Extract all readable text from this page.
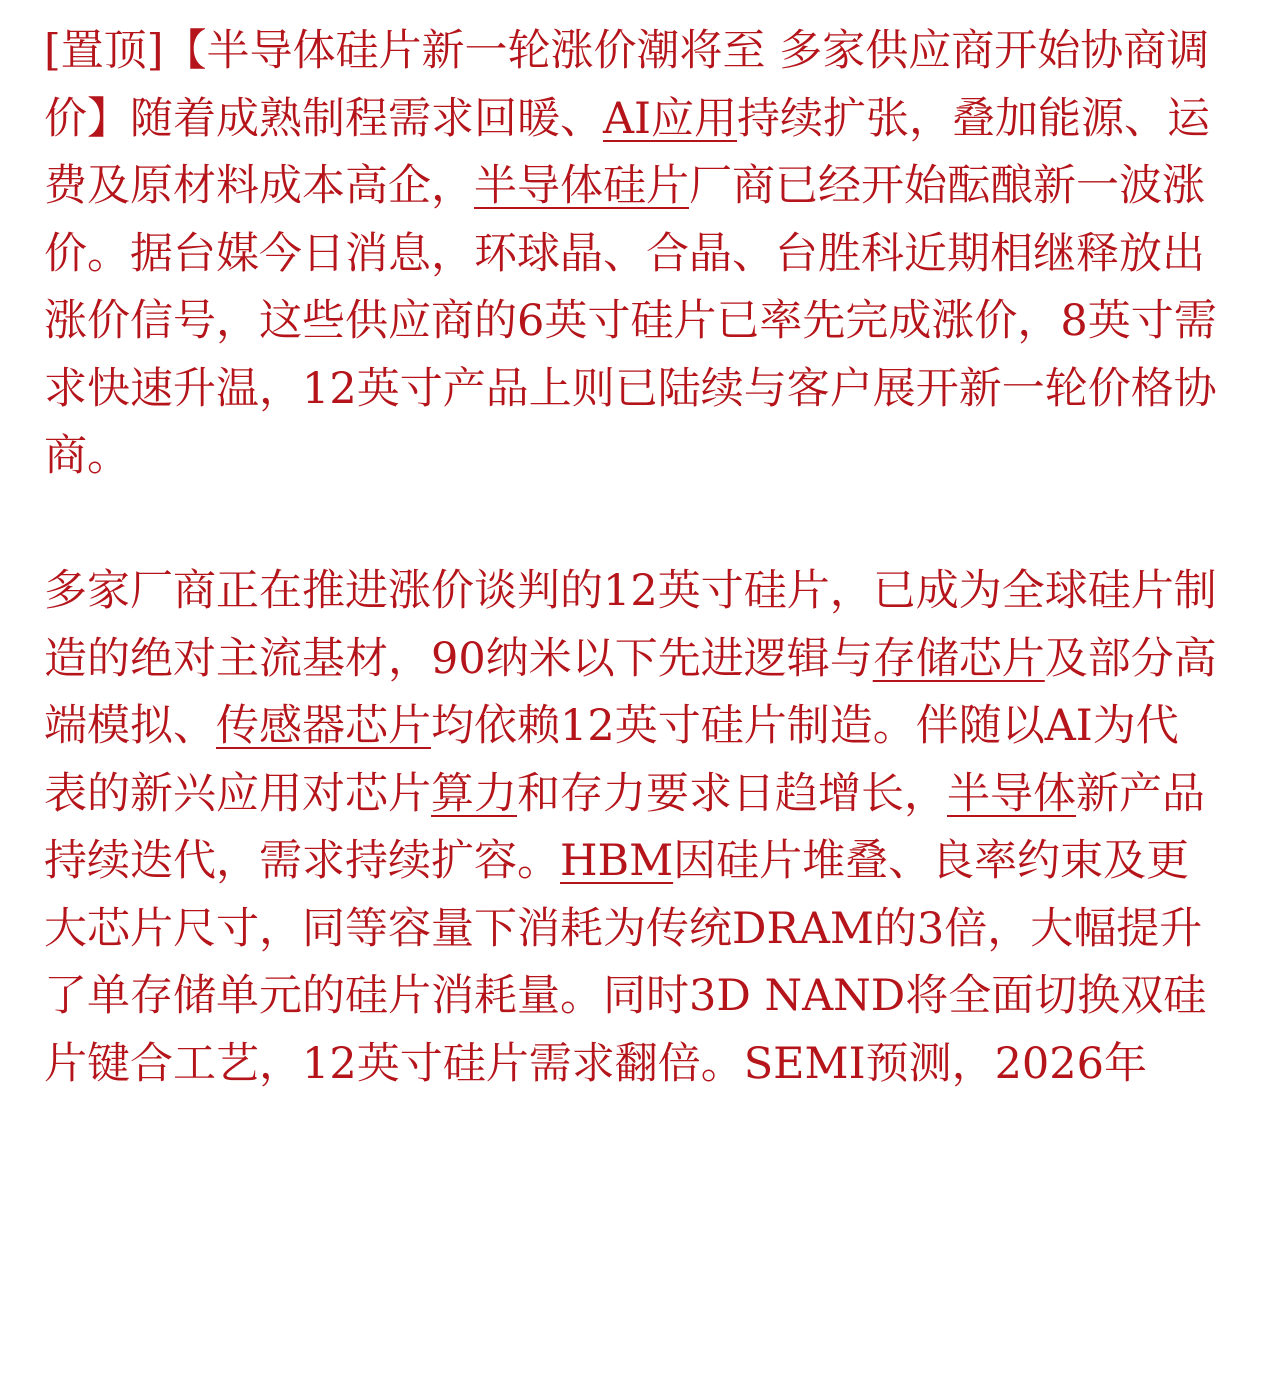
[置顶]【半导体硅片新一轮涨价潮将至 多家供应商开始协商调价】随着成熟制程需求回暖、AI应用持续扩张，叠加能源、运费及原材料成本高企，半导体硅片厂商已经开始酝酿新一波涨价。据台媒今日消息，环球晶、合晶、台胜科近期相继释放出涨价信号，这些供应商的6英寸硅片已率先完成涨价，8英寸需求快速升温，12英寸产品上则已陆续与客户展开新一轮价格协商。

多家厂商正在推进涨价谈判的12英寸硅片，已成为全球硅片制造的绝对主流基材，90纳米以下先进逻辑与存储芯片及部分高端模拟、传感器芯片均依赖12英寸硅片制造。伴随以AI为代表的新兴应用对芯片算力和存力要求日趋增长，半导体新产品持续迭代，需求持续扩容。HBM因硅片堆叠、良率约束及更大芯片尺寸，同等容量下消耗为传统DRAM的3倍，大幅提升了单存储单元的硅片消耗量。同时3D NAND将全面切换双硅片键合工艺，12英寸硅片需求翻倍。SEMI预测，2026年
